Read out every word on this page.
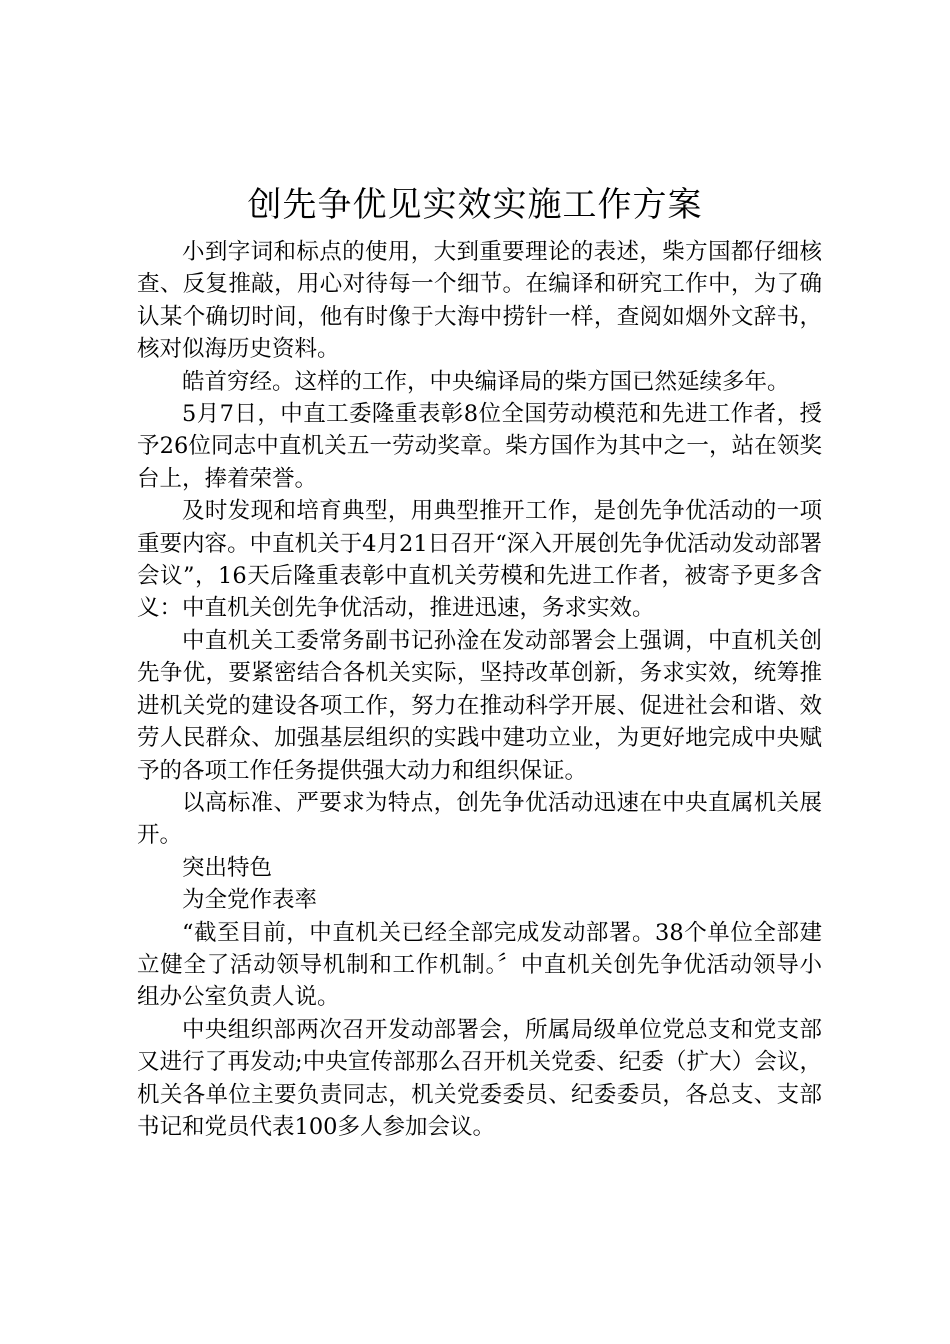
创先争优见实效实施工作方案

小到字词和标点的使用，大到重要理论的表述，柴方国都仔细核查、反复推敲，用心对待每一个细节。在编译和研究工作中，为了确认某个确切时间，他有时像于大海中捞针一样，查阅如烟外文辞书，核对似海历史资料。

皓首穷经。这样的工作，中央编译局的柴方国已然延续多年。

5月7日，中直工委隆重表彰8位全国劳动模范和先进工作者，授予26位同志中直机关五一劳动奖章。柴方国作为其中之一，站在领奖台上，捧着荣誉。

及时发现和培育典型，用典型推开工作，是创先争优活动的一项重要内容。中直机关于4月21日召开“深入开展创先争优活动发动部署会议”，16天后隆重表彰中直机关劳模和先进工作者，被寄予更多含义：中直机关创先争优活动，推进迅速，务求实效。

中直机关工委常务副书记孙淦在发动部署会上强调，中直机关创先争优，要紧密结合各机关实际，坚持改革创新，务求实效，统筹推进机关党的建设各项工作，努力在推动科学开展、促进社会和谐、效劳人民群众、加强基层组织的实践中建功立业，为更好地完成中央赋予的各项工作任务提供强大动力和组织保证。

以高标准、严要求为特点，创先争优活动迅速在中央直属机关展开。

突出特色

为全党作表率

“截至目前，中直机关已经全部完成发动部署。38个单位全部建立健全了活动领导机制和工作机制。〞中直机关创先争优活动领导小组办公室负责人说。

中央组织部两次召开发动部署会，所属局级单位党总支和党支部又进行了再发动;中央宣传部那么召开机关党委、纪委（扩大）会议，机关各单位主要负责同志，机关党委委员、纪委委员，各总支、支部书记和党员代表100多人参加会议。
